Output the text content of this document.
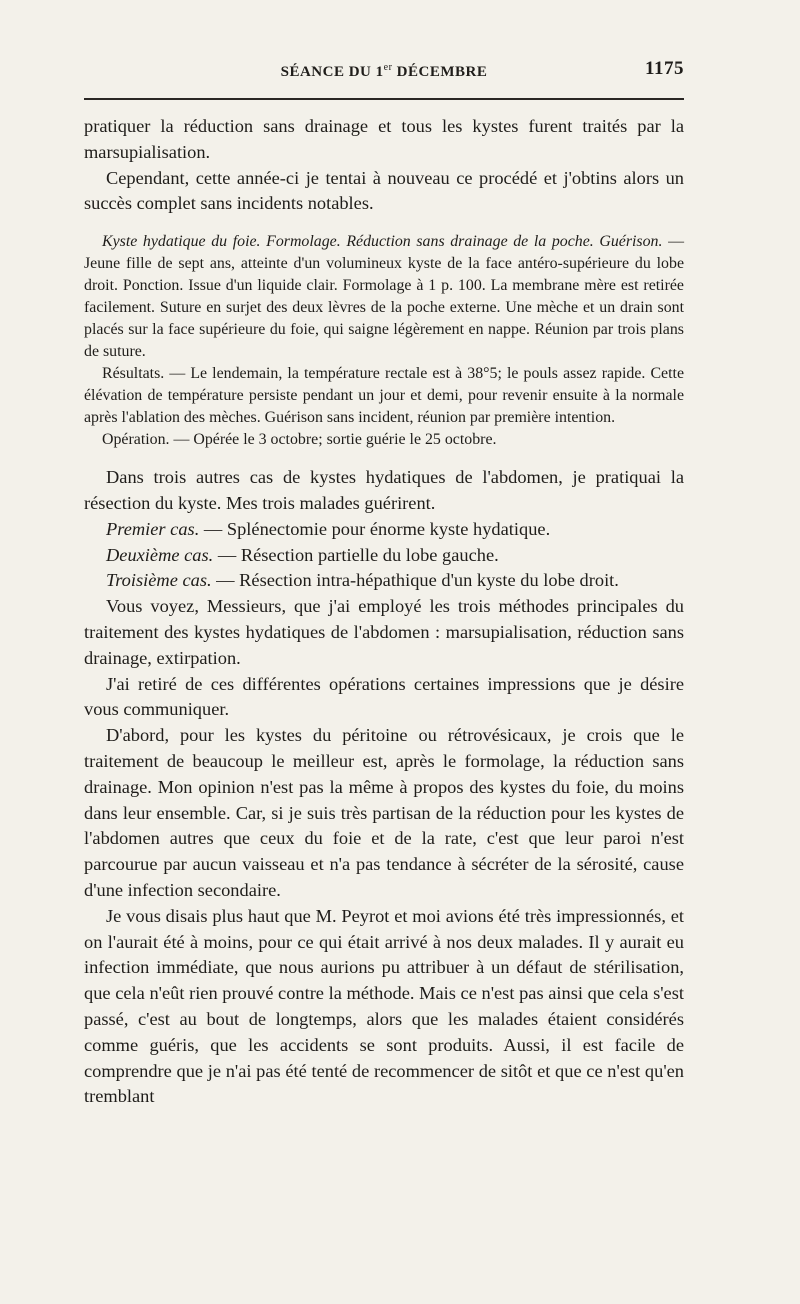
SÉANCE DU 1er DÉCEMBRE	1175

pratiquer la réduction sans drainage et tous les kystes furent traités par la marsupialisation.

Cependant, cette année-ci je tentai à nouveau ce procédé et j'obtins alors un succès complet sans incidents notables.

Kyste hydatique du foie. Formolage. Réduction sans drainage de la poche. Guérison. — Jeune fille de sept ans, atteinte d'un volumineux kyste de la face antéro-supérieure du lobe droit. Ponction. Issue d'un liquide clair. Formolage à 1 p. 100. La membrane mère est retirée facilement. Suture en surjet des deux lèvres de la poche externe. Une mèche et un drain sont placés sur la face supérieure du foie, qui saigne légèrement en nappe. Réunion par trois plans de suture.

Résultats. — Le lendemain, la température rectale est à 38°5; le pouls assez rapide. Cette élévation de température persiste pendant un jour et demi, pour revenir ensuite à la normale après l'ablation des mèches. Guérison sans incident, réunion par première intention.

Opération. — Opérée le 3 octobre; sortie guérie le 25 octobre.

Dans trois autres cas de kystes hydatiques de l'abdomen, je pratiquai la résection du kyste. Mes trois malades guérirent.

Premier cas. — Splénectomie pour énorme kyste hydatique.

Deuxième cas. — Résection partielle du lobe gauche.

Troisième cas. — Résection intra-hépathique d'un kyste du lobe droit.

Vous voyez, Messieurs, que j'ai employé les trois méthodes principales du traitement des kystes hydatiques de l'abdomen : marsupialisation, réduction sans drainage, extirpation.

J'ai retiré de ces différentes opérations certaines impressions que je désire vous communiquer.

D'abord, pour les kystes du péritoine ou rétrovésicaux, je crois que le traitement de beaucoup le meilleur est, après le formolage, la réduction sans drainage. Mon opinion n'est pas la même à propos des kystes du foie, du moins dans leur ensemble. Car, si je suis très partisan de la réduction pour les kystes de l'abdomen autres que ceux du foie et de la rate, c'est que leur paroi n'est parcourue par aucun vaisseau et n'a pas tendance à sécréter de la sérosité, cause d'une infection secondaire.

Je vous disais plus haut que M. Peyrot et moi avions été très impressionnés, et on l'aurait été à moins, pour ce qui était arrivé à nos deux malades. Il y aurait eu infection immédiate, que nous aurions pu attribuer à un défaut de stérilisation, que cela n'eût rien prouvé contre la méthode. Mais ce n'est pas ainsi que cela s'est passé, c'est au bout de longtemps, alors que les malades étaient considérés comme guéris, que les accidents se sont produits. Aussi, il est facile de comprendre que je n'ai pas été tenté de recommencer de sitôt et que ce n'est qu'en tremblant
